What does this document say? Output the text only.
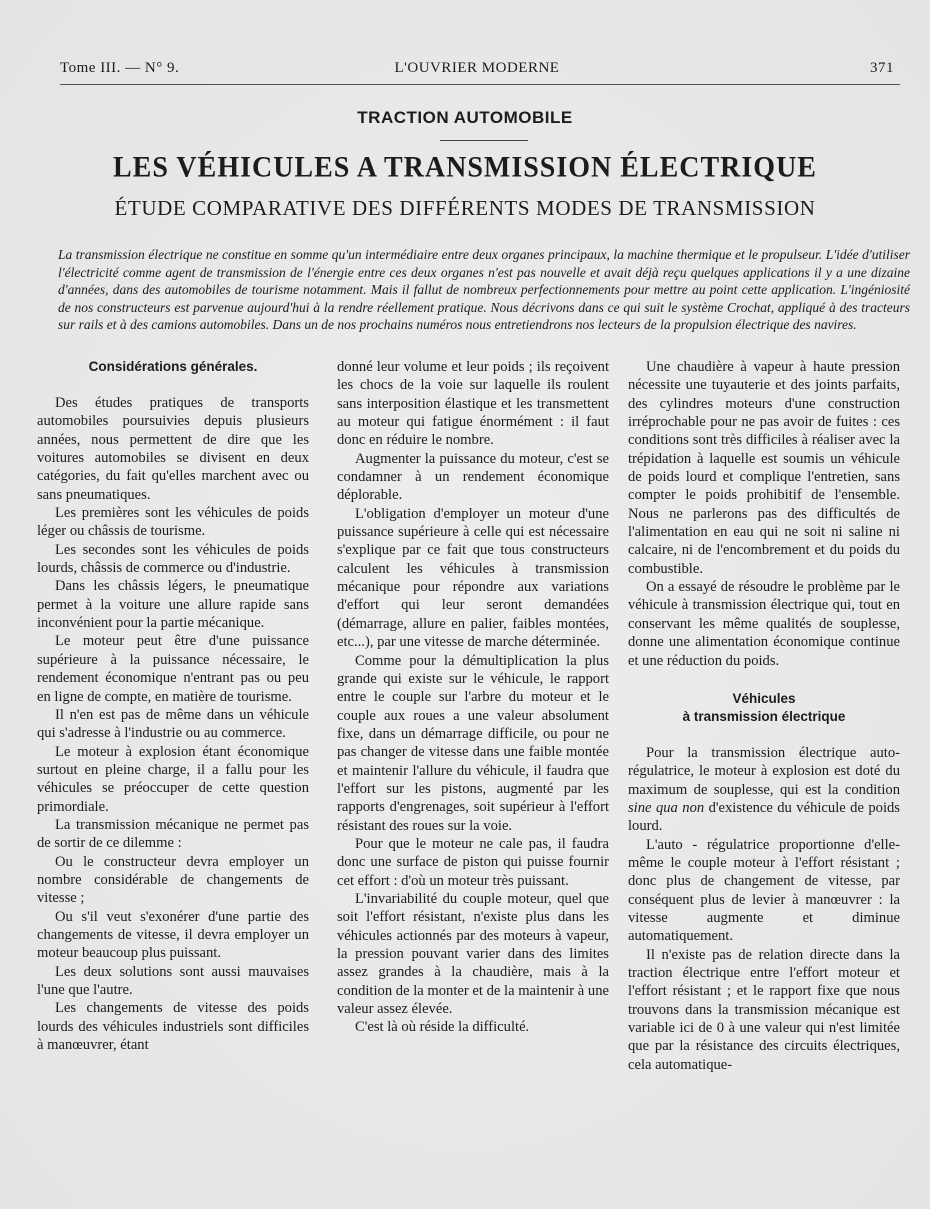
Tome III. — N° 9.	L'OUVRIER MODERNE	371
TRACTION AUTOMOBILE
LES VÉHICULES A TRANSMISSION ÉLECTRIQUE
ÉTUDE COMPARATIVE DES DIFFÉRENTS MODES DE TRANSMISSION

La transmission électrique ne constitue en somme qu'un intermédiaire entre deux organes principaux, la machine thermique et le propulseur. L'idée d'utiliser l'électricité comme agent de transmission de l'énergie entre ces deux organes n'est pas nouvelle et avait déjà reçu quelques applications il y a une dizaine d'années, dans des automobiles de tourisme notamment. Mais il fallut de nombreux perfectionnements pour mettre au point cette application. L'ingéniosité de nos constructeurs est parvenue aujourd'hui à la rendre réellement pratique. Nous décrivons dans ce qui suit le système Crochat, appliqué à des tracteurs sur rails et à des camions automobiles. Dans un de nos prochains numéros nous entretiendrons nos lecteurs de la propulsion électrique des navires.

Considérations générales.

Des études pratiques de transports automobiles poursuivies depuis plusieurs années, nous permettent de dire que les voitures automobiles se divisent en deux catégories, du fait qu'elles marchent avec ou sans pneumatiques.

Les premières sont les véhicules de poids léger ou châssis de tourisme.

Les secondes sont les véhicules de poids lourds, châssis de commerce ou d'industrie.

Dans les châssis légers, le pneumatique permet à la voiture une allure rapide sans inconvénient pour la partie mécanique.

Le moteur peut être d'une puissance supérieure à la puissance nécessaire, le rendement économique n'entrant pas ou peu en ligne de compte, en matière de tourisme.

Il n'en est pas de même dans un véhicule qui s'adresse à l'industrie ou au commerce.

Le moteur à explosion étant économique surtout en pleine charge, il a fallu pour les véhicules se préoccuper de cette question primordiale.

La transmission mécanique ne permet pas de sortir de ce dilemme :

Ou le constructeur devra employer un nombre considérable de changements de vitesse ;

Ou s'il veut s'exonérer d'une partie des changements de vitesse, il devra employer un moteur beaucoup plus puissant.

Les deux solutions sont aussi mauvaises l'une que l'autre.

Les changements de vitesse des poids lourds des véhicules industriels sont difficiles à manœuvrer, étant

donné leur volume et leur poids ; ils reçoivent les chocs de la voie sur laquelle ils roulent sans interposition élastique et les transmettent au moteur qui fatigue énormément : il faut donc en réduire le nombre.

Augmenter la puissance du moteur, c'est se condamner à un rendement économique déplorable.

L'obligation d'employer un moteur d'une puissance supérieure à celle qui est nécessaire s'explique par ce fait que tous constructeurs calculent les véhicules à transmission mécanique pour répondre aux variations d'effort qui leur seront demandées (démarrage, allure en palier, faibles montées, etc...), par une vitesse de marche déterminée.

Comme pour la démultiplication la plus grande qui existe sur le véhicule, le rapport entre le couple sur l'arbre du moteur et le couple aux roues a une valeur absolument fixe, dans un démarrage difficile, ou pour ne pas changer de vitesse dans une faible montée et maintenir l'allure du véhicule, il faudra que l'effort sur les pistons, augmenté par les rapports d'engrenages, soit supérieur à l'effort résistant des roues sur la voie.

Pour que le moteur ne cale pas, il faudra donc une surface de piston qui puisse fournir cet effort : d'où un moteur très puissant.

L'invariabilité du couple moteur, quel que soit l'effort résistant, n'existe plus dans les véhicules actionnés par des moteurs à vapeur, la pression pouvant varier dans des limites assez grandes à la chaudière, mais à la condition de la monter et de la maintenir à une valeur assez élevée.

C'est là où réside la difficulté.

Une chaudière à vapeur à haute pression nécessite une tuyauterie et des joints parfaits, des cylindres moteurs d'une construction irréprochable pour ne pas avoir de fuites : ces conditions sont très difficiles à réaliser avec la trépidation à laquelle est soumis un véhicule de poids lourd et complique l'entretien, sans compter le poids prohibitif de l'ensemble. Nous ne parlerons pas des difficultés de l'alimentation en eau qui ne soit ni saline ni calcaire, ni de l'encombrement et du poids du combustible.

On a essayé de résoudre le problème par le véhicule à transmission électrique qui, tout en conservant les même qualités de souplesse, donne une alimentation économique continue et une réduction du poids.

Véhicules

à transmission électrique

Pour la transmission électrique auto-régulatrice, le moteur à explosion est doté du maximum de souplesse, qui est la condition sine qua non d'existence du véhicule de poids lourd.

L'auto - régulatrice proportionne d'elle-même le couple moteur à l'effort résistant ; donc plus de changement de vitesse, par conséquent plus de levier à manœuvrer : la vitesse augmente et diminue automatiquement.

Il n'existe pas de relation directe dans la traction électrique entre l'effort moteur et l'effort résistant ; et le rapport fixe que nous trouvons dans la transmission mécanique est variable ici de 0 à une valeur qui n'est limitée que par la résistance des circuits électriques, cela automatique-
